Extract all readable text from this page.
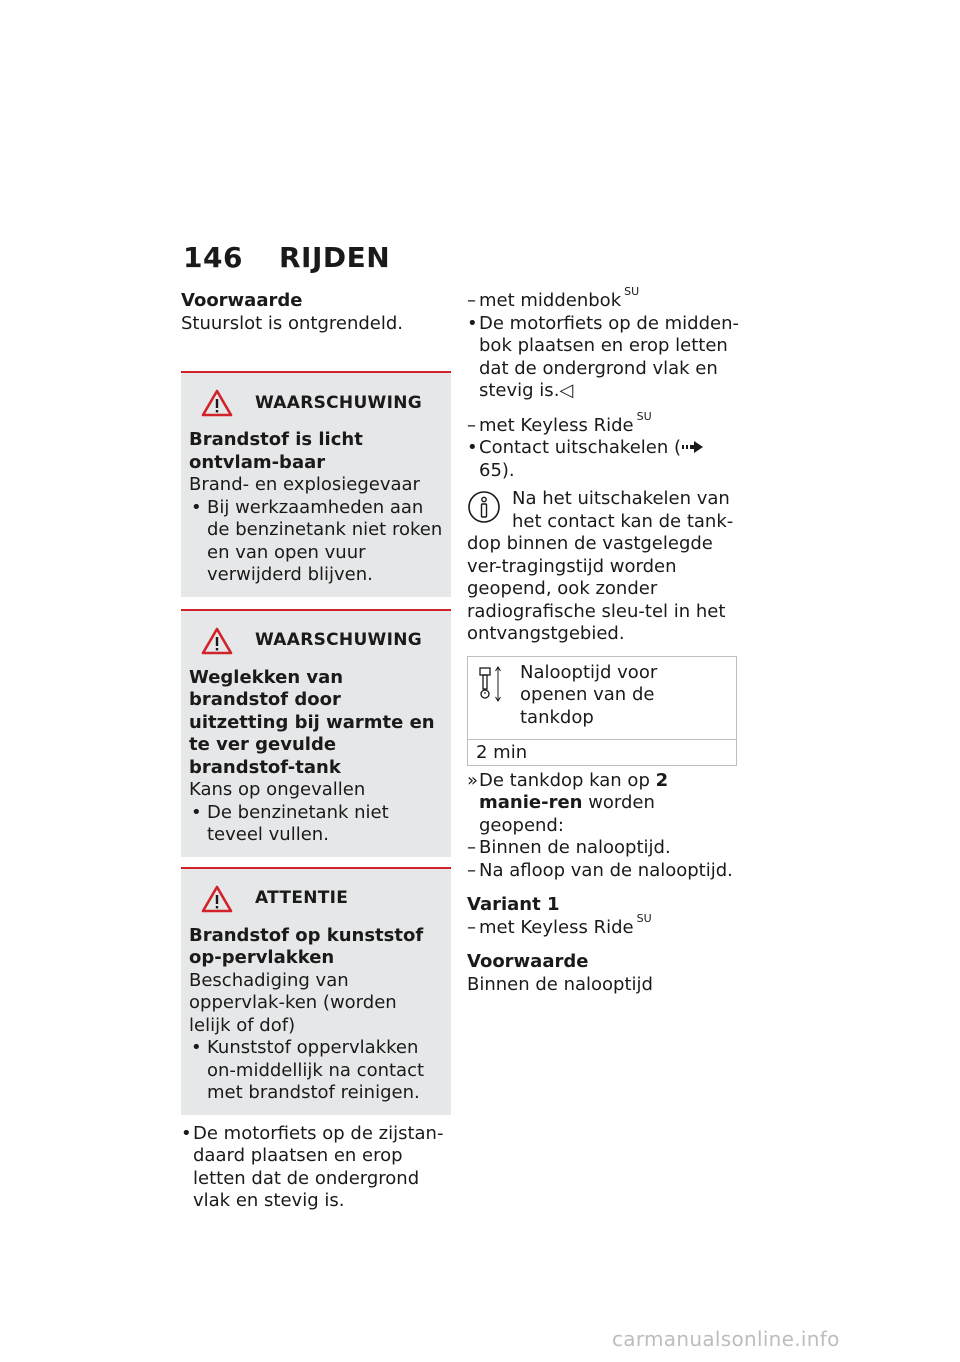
146 RIJDEN

Voorwaarde

Stuurslot is ontgrendeld.

WAARSCHUWING

Brandstof is licht ontvlam-baar

Brand- en explosiegevaar

• Bij werkzaamheden aan de benzinetank niet roken en van open vuur verwijderd blijven.

WAARSCHUWING

Weglekken van brandstof door uitzetting bij warmte en te ver gevulde brandstof-tank

Kans op ongevallen

• De benzinetank niet teveel vullen.

ATTENTIE

Brandstof op kunststof op-pervlakken

Beschadiging van oppervlak-ken (worden lelijk of dof)

• Kunststof oppervlakken on-middellijk na contact met brandstof reinigen.

• De motorfiets op de zijstan-daard plaatsen en erop letten dat de ondergrond vlak en stevig is.

– met middenbok $^{SU}$

• De motorfiets op de midden-bok plaatsen en erop letten dat de ondergrond vlak en stevig is.◁

– met Keyless Ride $^{SU}$

• Contact uitschakelen (65).

Na het uitschakelen van

het contact kan de tank-

dop binnen de vastgelegde ver-tragingstijd worden geopend, ook zonder radiografische sleu-tel in het ontvangstgebied.

	Nalooptijd voor openen van de tankdop
2 min

» De tankdop kan op 2 manie-ren worden geopend:

– Binnen de nalooptijd.

– Na afloop van de nalooptijd.

Variant 1

– met Keyless Ride $^{SU}$

Voorwaarde

Binnen de nalooptijd

carmanualsonline.info
